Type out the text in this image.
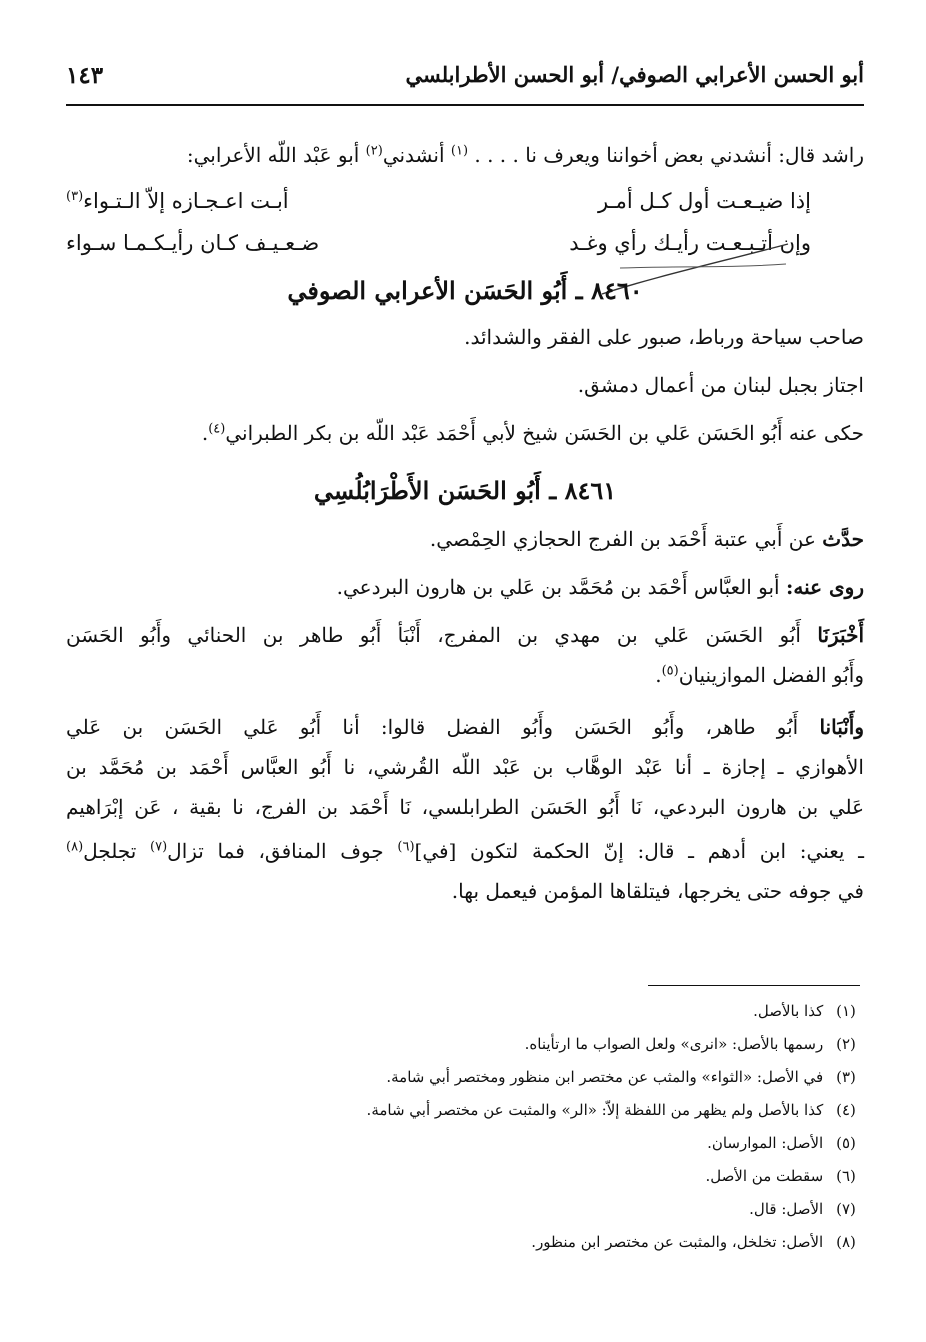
أبو الحسن الأعرابي الصوفي/ أبو الحسن الأطرابلسي
١٤٣
راشد قال: أنشدني بعض أخواننا ويعرف نا . . . . $^{(١)}$ أنشدني$^{(٢)}$ أبو عَبْد اللّه الأعرابي:
إذا ضيـعـت أول كـل أمـر
أبـت اعـجـازه إلاّ الـتـواء$^{(٣)}$
وإن أتـبـعـت رأيـك رأي وغـد
ضـعـيـف كـان رأيـكـمـا سـواء
٨٤٦٠ ـ أَبُو الحَسَن الأعرابي الصوفي
صاحب سياحة ورباط، صبور على الفقر والشدائد.
اجتاز بجبل لبنان من أعمال دمشق.
حكى عنه أَبُو الحَسَن عَلي بن الحَسَن شيخ لأبي أَحْمَد عَبْد اللّه بن بكر الطبراني$^{(٤)}$.
٨٤٦١ ـ أَبُو الحَسَن الأَطْرَابُلُسِي
حدَّث عن أَبي عتبة أَحْمَد بن الفرج الحجازي الحِمْصي.
روى عنه: أبو العبَّاس أَحْمَد بن مُحَمَّد بن عَلي بن هارون البردعي.
أَخْبَرَنَا أَبُو الحَسَن عَلي بن مهدي بن المفرج، أَنْبَأ أَبُو طاهر بن الحنائي وأَبُو الحَسَن
وأَبُو الفضل الموازينيان$^{(٥)}$.
وأَنْبَانا أَبُو طاهر، وأَبُو الحَسَن وأَبُو الفضل قالوا: أنا أَبُو عَلي الحَسَن بن عَلي
الأهوازي ـ إجازة ـ أنا عَبْد الوهَّاب بن عَبْد اللّه القُرشي، نا أَبُو العبَّاس أَحْمَد بن مُحَمَّد بن
عَلي بن هارون البردعي، نَا أَبُو الحَسَن الطرابلسي، نَا أَحْمَد بن الفرج، نا بقية ، عَن إبْرَاهيم
ـ يعني: ابن أدهم ـ قال: إنّ الحكمة لتكون [في]$^{(٦)}$ جوف المنافق، فما تزال$^{(٧)}$ تجلجل$^{(٨)}$
في جوفه حتى يخرجها، فيتلقاها المؤمن فيعمل بها.
(١) كذا بالأصل.
(٢) رسمها بالأصل: «انرى» ولعل الصواب ما ارتأيناه.
(٣) في الأصل: «الثواء» والمثب عن مختصر ابن منظور ومختصر أبي شامة.
(٤) كذا بالأصل ولم يظهر من اللفظة إلاّ: «الر» والمثبت عن مختصر أبي شامة.
(٥) الأصل: الموارسان.
(٦) سقطت من الأصل.
(٧) الأصل: قال.
(٨) الأصل: تخلخل، والمثبت عن مختصر ابن منظور.
